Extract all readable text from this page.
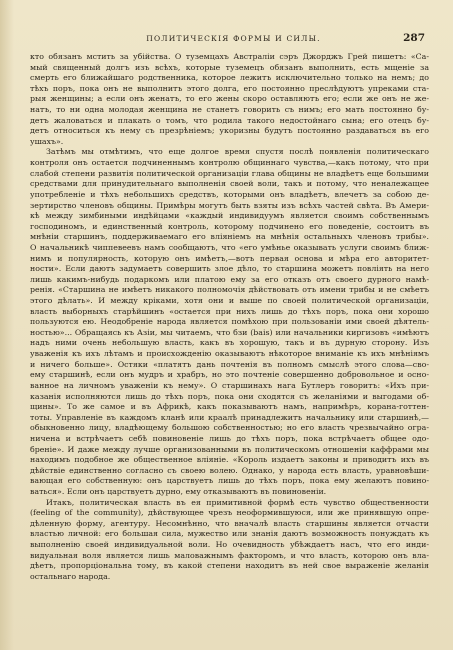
ПОЛИТИЧЕСКІЯ ФОРМЫ И СИЛЫ.	287
кто обязанъ мстить за убійства. О туземцахъ Австраліи сэръ Джорджъ Грей пишетъ: «Са-
мый священный долгъ изъ всѣхъ, которые туземецъ обязанъ выполнить, есть мщеніе за
смерть его ближайшаго родственника, которое лежитъ исключительно только на немъ; до
тѣхъ поръ, пока онъ не выполнитъ этого долга, его постоянно преслѣдуютъ упреками ста-
рыя женщины; а если онъ женатъ, то его жены скоро оставляютъ его; если же онъ не же-
натъ, то ни одна молодая женщина не станетъ говорить съ нимъ; его мать постоянно бу-
детъ жаловаться и плакать о томъ, что родила такого недостойнаго сына; его отецъ бу-
детъ относиться къ нему съ презрѣніемъ; укоризны будутъ постоянно раздаваться въ его
ушахъ».
Затѣмъ мы отмѣтимъ, что еще долгое время спустя послѣ появленія политическаго
контроля онъ остается подчиненнымъ контролю общиннаго чувства,—какъ потому, что при
слабой степени развитія политической организаціи глава общины не владѣетъ еще большими
средствами для принудительнаго выполненія своей воли, такъ и потому, что неналежащее
употребленіе и тѣхъ небольшихъ средствъ, которыми онъ владѣетъ, влечетъ за собою де-
зертирство членовъ общины. Примѣры могутъ быть взяты изъ всѣхъ частей свѣта. Въ Амери-
кѣ между зимбиными индѣйцами «каждый индивидуумъ является своимъ собственнымъ
господиномъ, и единственный контроль, которому подчинено его поведеніе, состоитъ въ
мнѣніи старшинъ, поддерживаемаго его вліяніемъ на мнѣнія остальныхъ членовъ трибы».
О начальникѣ чиппевеевъ намъ сообщаютъ, что «его умѣнье оказывать услуги своимъ ближ-
нимъ и популярность, которую онъ имѣетъ,—вотъ первая основа и мѣра его авторитет-
ности». Если даютъ задумаетъ совершить злое дѣло, то старшина можетъ повліять на него
лишь какимъ-нибудь подаркомъ или платою ему за его отказъ отъ своего дурного намѣ-
ренія. «Старшина не имѣетъ никакого полномочія дѣйствовать отъ имени трибы и не смѣетъ
этого дѣлать». И между кріками, хотя они и выше по своей политической организаціи,
власть выборныхъ старѣйшинъ «остается при нихъ лишь до тѣхъ поръ, пока они хорошо
пользуются ею. Неодобреніе народа является помѣхою при пользованіи ими своей дѣятель-
ностью»... Обращаясь къ Азіи, мы читаемъ, что бзи (bais) или начальники киргизовъ «имѣютъ
надъ ними очень небольшую власть, какъ въ хорошую, такъ и въ дурную сторону. Изъ
уваженія къ ихъ лѣтамъ и происхожденію оказываютъ нѣкоторое вниманіе къ ихъ мнѣніямъ
и ничего больше». Остяки «платятъ дань почтенія въ полномъ смыслѣ этого слова—сво-
ему старшинѣ, если онъ мудръ и храбръ, но это почтеніе совершенно добровольное и осно-
ванное на личномъ уваженіи къ нему». О старшинахъ нага Бутлеръ говоритъ: «Ихъ при-
казанія исполняются лишь до тѣхъ поръ, пока они сходятся съ желаніями и выгодами об-
щины». То же самое и въ Африкѣ, какъ показываютъ намъ, напримѣръ, корана-готтен-
тоты. Управленіе въ каждомъ кланѣ или краалѣ принадлежитъ начальнику или старшинѣ,—
обыкновенно лицу, владѣющему большою собственностью; но его власть чрезвычайно огра-
ничена и встрѣчаетъ себѣ повиновеніе лишь до тѣхъ поръ, пока встрѣчаетъ общее одо-
бреніе». И даже между лучше организованными въ политическомъ отношеніи каффрами мы
находимъ подобное же общественное вліяніе. «Король издаетъ законы и приводитъ ихъ въ
дѣйствіе единственно согласно съ своею волею. Однако, у народа есть власть, уравновѣши-
вающая его собственную: онъ царствуетъ лишь до тѣхъ поръ, пока ему желаютъ повино-
ваться». Если онъ царствуетъ дурно, ему отказываютъ въ повиновеніи.
Итакъ, политическая власть въ ея примитивной формѣ есть чувство общественности
(feeling of the community), дѣйствующее чрезъ неоформившуюся, или же принявшую опре-
дѣленную форму, агентуру. Несомнѣнно, что вначалѣ власть старшины является отчасти
властью личной: его большая сила, мужество или знанія даютъ возможность понуждать къ
выполненію своей индивидуальной воли. Но очевидность убѣждаетъ насъ, что его инди-
видуальная воля является лишь маловажнымъ факторомъ, и что власть, которою онъ вла-
дѣетъ, пропорціональна тому, въ какой степени находитъ въ ней свое выраженіе желанія
остальнаго народа.
